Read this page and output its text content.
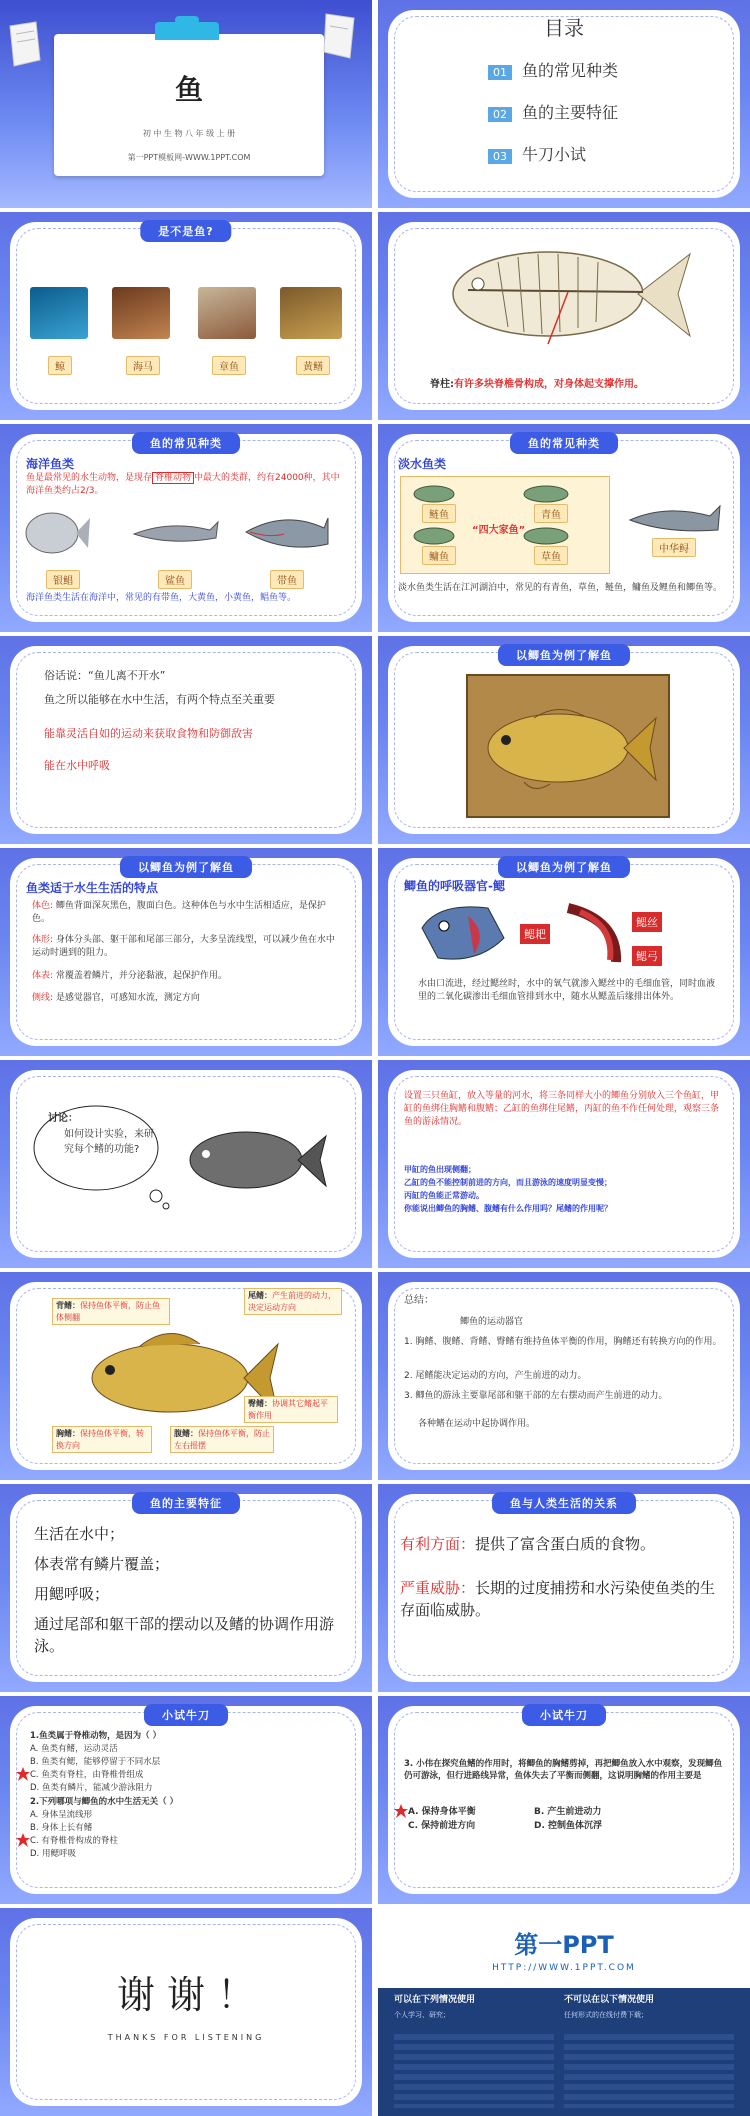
鱼
初 中 生 物 八 年 级 上 册
第一PPT模板网-WWW.1PPT.COM
目录
01 鱼的常见种类
02 鱼的主要特征
03 牛刀小试
是不是鱼?
鲸	海马	章鱼	黄鳝
脊柱:有许多块脊椎骨构成，对身体起支撑作用。
鱼的常见种类
海洋鱼类
鱼是最常见的水生动物，是现存 脊椎动物 中最大的类群，约有24000种，其中海洋鱼类约占2/3。
银鲳	鲨鱼	带鱼
海洋鱼类生活在海洋中，常见的有带鱼，大黄鱼，小黄鱼，鲳鱼等。
鱼的常见种类
淡水鱼类
鲢鱼	青鱼
鳙鱼	草鱼
“四大家鱼”
中华鲟
淡水鱼类生活在江河湖泊中，常见的有青鱼，草鱼，鲢鱼，鳙鱼及鲤鱼和鲫鱼等。
俗话说：“鱼儿离不开水”
鱼之所以能够在水中生活，有两个特点至关重要
能靠灵活自如的运动来获取食物和防御敌害
能在水中呼吸
以鲫鱼为例了解鱼
以鲫鱼为例了解鱼
鱼类适于水生生活的特点
体色: 鲫鱼背面深灰黑色，腹面白色。这种体色与水中生活相适应，是保护色。
体形: 身体分头部、躯干部和尾部三部分，大多呈流线型，可以减少鱼在水中运动时遇到的阻力。
体表: 常覆盖着鳞片，并分泌黏液，起保护作用。
侧线: 是感觉器官，可感知水流，测定方向
以鲫鱼为例了解鱼
鲫鱼的呼吸器官-鳃
鳃耙
鳃丝
鳃弓
水由口流进，经过鳃丝时，水中的氧气就渗入鳃丝中的毛细血管，同时血液里的二氧化碳渗出毛细血管排到水中，随水从鳃盖后缘排出体外。
讨论：
如何设计实验，来研究每个鳍的功能?
设置三只鱼缸，放入等量的河水，将三条同样大小的鲫鱼分别放入三个鱼缸，甲缸的鱼绑住胸鳍和腹鳍；乙缸的鱼绑住尾鳍，丙缸的鱼不作任何处理，观察三条鱼的游泳情况。
甲缸的鱼出现侧翻；
乙缸的鱼不能控制前进的方向，而且游泳的速度明显变慢；
丙缸的鱼能正常游动。
你能说出鲫鱼的胸鳍、腹鳍有什么作用吗？尾鳍的作用呢？
背鳍：保持鱼体平衡，防止鱼体侧翻
尾鳍：产生前进的动力，决定运动方向
臀鳍：协调其它鳍起平衡作用
胸鳍：保持鱼体平衡，转换方向
腹鳍：保持鱼体平衡，防止左右摇摆
总结：
鲫鱼的运动器官
1. 胸鳍、腹鳍、背鳍、臀鳍有维持鱼体平衡的作用，胸鳍还有转换方向的作用。
2. 尾鳍能决定运动的方向，产生前进的动力。
3. 鲫鱼的游泳主要靠尾部和躯干部的左右摆动而产生前进的动力。
各种鳍在运动中起协调作用。
鱼的主要特征
生活在水中；
体表常有鳞片覆盖；
用鳃呼吸；
通过尾部和躯干部的摆动以及鳍的协调作用游泳。
鱼与人类生活的关系
有利方面：提供了富含蛋白质的食物。
严重威胁：长期的过度捕捞和水污染使鱼类的生存面临威胁。
小试牛刀
1.鱼类属于脊椎动物，是因为（ ）
A. 鱼类有鳍，运动灵活
B. 鱼类有鳃，能够停留于不同水层
C. 鱼类有脊柱，由脊椎骨组成
D. 鱼类有鳞片，能减少游泳阻力
2.下列哪项与鲫鱼的水中生活无关（ ）
A. 身体呈流线形
B. 身体上长有鳍
C. 有脊椎骨构成的脊柱
D. 用鳃呼吸
小试牛刀
3. 小伟在探究鱼鳍的作用时，将鲫鱼的胸鳍剪掉，再把鲫鱼放入水中观察，发现鲫鱼仍可游泳，但行进路线异常，鱼体失去了平衡而侧翻，这说明胸鳍的作用主要是
A. 保持身体平衡	B. 产生前进动力
C. 保持前进方向	D. 控制鱼体沉浮
谢 谢 ！
THANKS FOR LISTENING
第一PPT
HTTP://WWW.1PPT.COM
可以在下列情况使用	不可以在以下情况使用
个人学习、研究；	任何形式的在线付费下载；
